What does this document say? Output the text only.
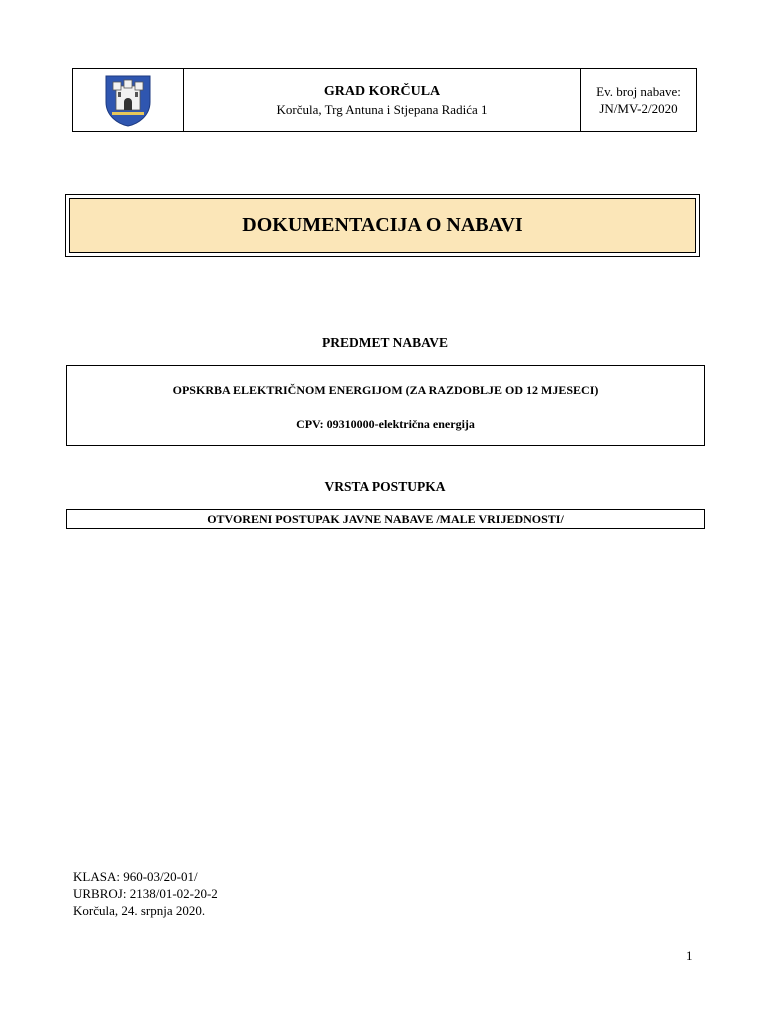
GRAD KORČULA
Korčula, Trg Antuna i Stjepana Radića 1
Ev. broj nabave:
JN/MV-2/2020
DOKUMENTACIJA O NABAVI
PREDMET NABAVE
OPSKRBA ELEKTRIČNOM ENERGIJOM (ZA RAZDOBLJE OD 12 MJESECI)
CPV: 09310000-električna energija
VRSTA POSTUPKA
OTVORENI POSTUPAK JAVNE NABAVE /MALE VRIJEDNOSTI/
KLASA: 960-03/20-01/
URBROJ: 2138/01-02-20-2
Korčula, 24. srpnja 2020.
1
